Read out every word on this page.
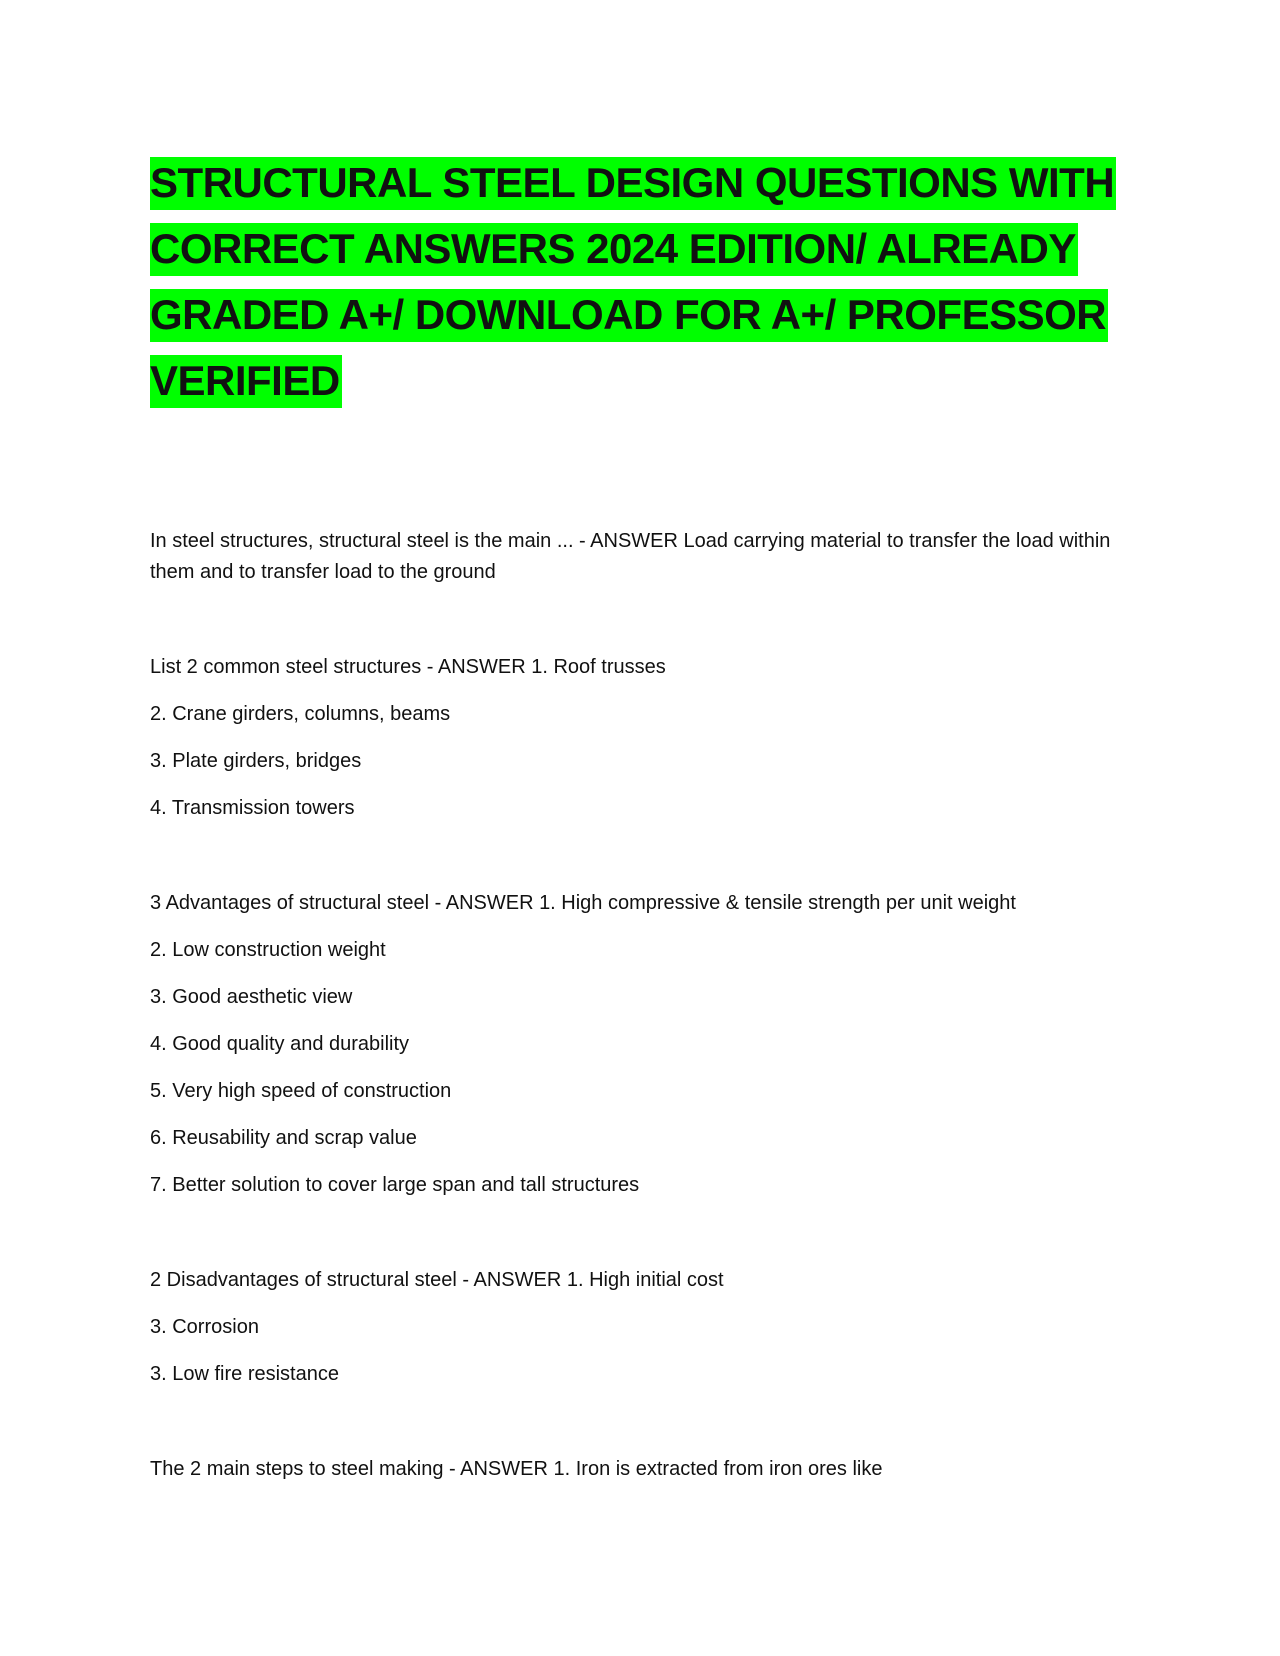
STRUCTURAL STEEL DESIGN QUESTIONS WITH
CORRECT ANSWERS 2024 EDITION/ ALREADY
GRADED A+/ DOWNLOAD FOR A+/ PROFESSOR
VERIFIED

In steel structures, structural steel is the main ... - ANSWER Load carrying material to transfer the load within them and to transfer load to the ground

List 2 common steel structures - ANSWER 1. Roof trusses

2. Crane girders, columns, beams

3. Plate girders, bridges

4. Transmission towers

3 Advantages of structural steel - ANSWER 1. High compressive & tensile strength per unit weight

2. Low construction weight

3. Good aesthetic view

4. Good quality and durability

5. Very high speed of construction

6. Reusability and scrap value

7. Better solution to cover large span and tall structures

2 Disadvantages of structural steel - ANSWER 1. High initial cost

3. Corrosion

3. Low fire resistance

The 2 main steps to steel making - ANSWER 1. Iron is extracted from iron ores like
